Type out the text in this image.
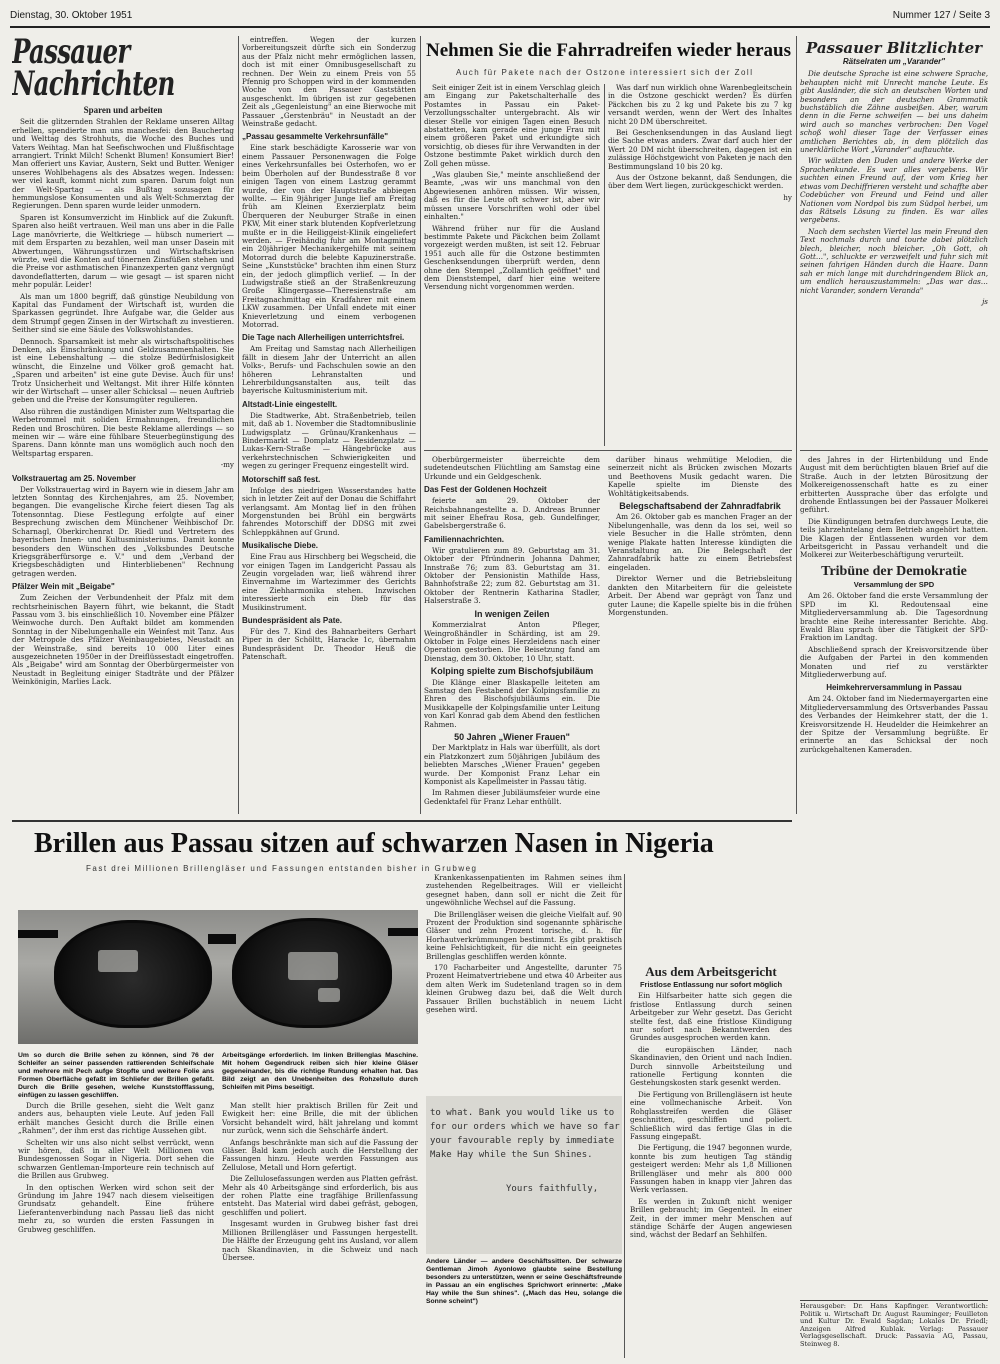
Dienstag, 30. Oktober 1951	Nummer 127 / Seite 3
Passauer Nachrichten
Sparen und arbeiten

Seit die glitzernden Strahlen der Reklame unseren Alltag erhellen, spendierte man uns manchesfei: den Bauchertag und Welttag des Strohhuts, die Woche des Buches und Vaters Weihtag. Man hat Seefischwochen und Flußfischtage arrangiert. Trinkt Milch! Schenkt Blumen! Konsumiert Bier! Man offeriert uns Kaviar, Austern, Sekt und Butter. Weniger unseres Wohlbehagens als des Absatzes wegen. Indessen: wer viel kauft, kommt nicht zum sparen. Darum folgt nun der Welt-Spartag — als Bußtag sozusagen für hemmungslose Konsumenten und als Welt-Schmerztag der Regierungen. Denn sparen wurde leider unmodern.

Sparen ist Konsumverzicht im Hinblick auf die Zukunft. Sparen also heißt vertrauen. Weil man uns aber in die Falle Lage manövrierte, die Weltkriege — hübsch numeriert — mit dem Ersparten zu bezahlen, weil man unser Dasein mit Abwertungen, Währungsstürzen und Wirtschaftskrisen würzte, weil die Konten auf tönernen Zinsfüßen stehen und die Preise vor asthmatischen Finanzexperten ganz vergnügt davondeflatterten, darum — wie gesagt — ist sparen nicht mehr populär. Leider!

Als man um 1800 begriff, daß günstige Neubildung von Kapital das Fundament der Wirtschaft ist, wurden die Sparkassen gegründet. Ihre Aufgabe war, die Gelder aus dem Strumpf gegen Zinsen in der Wirtschaft zu investieren. Seither sind sie eine Säule des Volkswohlstandes.

Dennoch. Sparsamkeit ist mehr als wirtschaftspolitisches Denken, als Einschränkung und Geldzusammenhalten. Sie ist eine Lebenshaltung — die stolze Bedürfnislosigkeit wünscht, die Einzelne und Völker groß gemacht hat. „Sparen und arbeiten" ist eine gute Devise. Auch für uns! Trotz Unsicherheit und Weltangst. Mit ihrer Hilfe könnten wir der Wirtschaft — unser aller Schicksal — neuen Auftrieb geben und die Preise der Konsumgüter regulieren.

Also rühren die zuständigen Minister zum Weltspartag die Werbetrommel mit soliden Ermahnungen, freundlichen Reden und Broschüren. Die beste Reklame allerdings — so meinen wir — wäre eine fühlbare Steuerbegünstigung des Sparens. Dann könnte man uns womöglich auch noch den Weltspartag ersparen.

-my
Volkstrauertag am 25. November

Der Volkstrauertag wird in Bayern wie in diesem Jahr am letzten Sonntag des Kirchenjahres, am 25. November, begangen. Die evangelische Kirche feiert diesen Tag als Totensonntag. Diese Festlegung erfolgte auf einer Besprechung zwischen dem Münchener Weihbischof Dr. Scharnagl, Oberkirchenrat Dr. Riedl und Vertretern des bayerischen Innen- und Kultusministeriums. Damit konnte besonders den Wünschen des „Volksbundes Deutsche Kriegsgräberfürsorge e. V." und dem „Verband der Kriegsbeschädigten und Hinterbliebenen" Rechnung getragen werden.

Pfälzer Wein mit „Beigabe"

Zum Zeichen der Verbundenheit der Pfalz mit dem rechtsrheinischen Bayern führt, wie bekannt, die Stadt Passau vom 3. bis einschließlich 10. November eine Pfälzer Weinwoche durch. Den Auftakt bildet am kommenden Sonntag in der Nibelungenhalle ein Weinfest mit Tanz. Aus der Metropole des Pfälzer Weinbaugebietes, Neustadt an der Weinstraße, sind bereits 10 000 Liter eines ausgezeichneten 1950er in der Dreiflüssestadt eingetroffen. Als „Beigabe" wird am Sonntag der Oberbürgermeister von Neustadt in Begleitung einiger Stadträte und der Pfälzer Weinkönigin, Marlies Lack.

eintreffen. Wegen der kurzen Vorbereitungszeit dürfte sich ein Sonderzug aus der Pfalz nicht mehr ermöglichen lassen, doch ist mit einer Omnibusgesellschaft zu rechnen. Der Wein zu einem Preis von 55 Pfennig pro Schoppen wird in der kommenden Woche von den Passauer Gaststätten ausgeschenkt. Im übrigen ist zur gegebenen Zeit als „Gegenleistung" an eine Bierwoche mit Passauer „Gerstenbräu" in Neustadt an der Weinstraße gedacht.

„Passau gesammelte Verkehrsunfälle"

Eine stark beschädigte Karosserie war von einem Passauer Personenwagen die Folge eines Verkehrsunfalles bei Osterhofen, wo er beim Überholen auf der Bundesstraße 8 vor einigen Tagen von einem Lastzug gerammt wurde, der von der Hauptstraße abbiegen wollte. — Ein 9jähriger Junge lief am Freitag früh am Kleinen Exerzierplatz beim Überqueren der Neuburger Straße in einen PKW, Mit einer stark blutenden Kopfverletzung mußte er in die Heiliggeist-Klinik eingeliefert werden. — Freihändig fuhr am Montagmittag ein 20jähriger Mechanikergehilfe mit seinem Motorrad durch die belebte Kapuzinerstraße. Seine „Kunststücke" brachten ihm einen Sturz ein, der jedoch glimpflich verlief. — In der Ludwigstraße stieß an der Straßenkreuzung Große Klingergasse—Theresienstraße am Freitagnachmittag ein Kradfahrer mit einem LKW zusammen. Der Unfall endete mit einer Knieverletzung und einem verbogenen Motorrad.

Die Tage nach Allerheiligen unterrichtsfrei.

Am Freitag und Samstag nach Allerheiligen fällt in diesem Jahr der Unterricht an allen Volks-, Berufs- und Fachschulen sowie an den höheren Lehranstalten und Lehrerbildungsanstalten aus, teilt das bayerische Kultusministerium mit.

Altstadt-Linie eingestellt.

Die Stadtwerke, Abt. Straßenbetrieb, teilen mit, daß ab 1. November die Stadtomnibuslinie Ludwigsplatz — Grünau/Krankenhaus — Bindermarkt — Domplatz — Residenzplatz — Lukas-Kern-Straße — Hängebrücke aus verkehrstechnischen Schwierigkeiten und wegen zu geringer Frequenz eingestellt wird.

Motorschiff saß fest.

Infolge des niedrigen Wasserstandes hatte sich in letzter Zeit auf der Donau die Schiffahrt verlangsamt. Am Montag lief in den frühen Morgenstunden bei Brühl ein bergwärts fahrendes Motorschiff der DDSG mit zwei Schleppkähnen auf Grund.

Musikalische Diebe.

Eine Frau aus Hirschberg bei Wegscheid, die vor einigen Tagen im Landgericht Passau als Zeugin vorgeladen war, ließ während ihrer Einvernahme im Wartezimmer des Gerichts eine Ziehharmonika stehen. Inzwischen interessierte sich ein Dieb für das Musikinstrument.

Bundespräsident als Pate.

Für des 7. Kind des Bahnarbeiters Gerhart Piper in der Schöltt, Haracke 1c, übernahm Bundespräsident Dr. Theodor Heuß die Patenschaft.

Nehmen Sie die Fahrradreifen wieder heraus
Auch für Pakete nach der Ostzone interessiert sich der Zoll

Seit einiger Zeit ist in einem Verschlag gleich am Eingang zur Paketschalterhalle des Postamtes in Passau ein Paket-Verzollungsschalter untergebracht. Als wir dieser Stelle vor einigen Tagen einen Besuch abstatteten, kam gerade eine junge Frau mit einem größeren Paket und erkundigte sich vorsichtig, ob dieses für ihre Verwandten in der Ostzone bestimmte Paket wirklich durch den Zoll gehen müsse.

„Was glauben Sie," meinte anschließend der Beamte, „was wir uns manchmal von den Abgewiesenen anhören müssen. Wir wissen, daß es für die Leute oft schwer ist, aber wir müssen unsere Vorschriften wohl oder übel einhalten."

Während früher nur für die Ausland bestimmte Pakete und Päckchen beim Zollamt vorgezeigt werden mußten, ist seit 12. Februar 1951 auch alle für die Ostzone bestimmten Geschenksendungen überprüft werden, denn ohne den Stempel „Zollamtlich geöffnet" und dem Dienststempel, darf hier eine weitere Versendung nicht vorgenommen werden.

Was darf nun wirklich ohne Warenbegleitschein in die Ostzone geschickt werden? Es dürfen Päckchen bis zu 2 kg und Pakete bis zu 7 kg versandt werden, wenn der Wert des Inhaltes nicht 20 DM überschreitet.

Bei Geschenksendungen in das Ausland liegt die Sache etwas anders. Zwar darf auch hier der Wert 20 DM nicht überschreiten, dagegen ist ein zulässige Höchstgewicht von Paketen je nach den Bestimmungsland 10 bis 20 kg.

Aus der Ostzone bekannt, daß Sendungen, die über dem Wert liegen, zurückgeschickt werden.

hy
Passauer Blitzlichter
Rätselraten um „Varander"

Die deutsche Sprache ist eine schwere Sprache, behaupten nicht mit Unrecht manche Leute. Es gibt Ausländer, die sich an deutschen Worten und besonders an der deutschen Grammatik buchstäblich die Zähne ausbeißen. Aber, warum denn in die Ferne schweifen — bei uns daheim wird auch so manches verbrochen: Den Vogel schoß wohl dieser Tage der Verfasser eines amtlichen Berichtes ab, in dem plötzlich das unerklärliche Wort „Varander" auftauchte.

Wir wälzten den Duden und andere Werke der Sprachenkunde. Es war alles vergebens. Wir suchten einen Freund auf, der vom Krieg her etwas vom Dechiffrieren versteht und schaffte aber Codebücher von Freund und Feind und aller Nationen vom Nordpol bis zum Südpol herbei, um das Rätsels Lösung zu finden. Es war alles vergebens.

Nach dem sechsten Viertel las mein Freund den Text nochmals durch und tourte dabei plötzlich blech, bleicher, noch bleicher. „Oh Gott, oh Gott…", schluckte er verzweifelt und fuhr sich mit seinen fahrigen Händen durch die Haare. Dann sah er mich lange mit durchdringendem Blick an, um endlich herauszustammeln: „Das war das… nicht Varander, sondern Veranda"

js

Oberbürgermeister überreichte dem sudetendeutschen Flüchtling am Samstag eine Urkunde und ein Geldgeschenk.

Das Fest der Goldenen Hochzeit

feierte am 29. Oktober der Reichsbahnangestellte a. D. Andreas Brunner mit seiner Ehefrau Rosa, geb. Gundelfinger, Gabelsbergerstraße 6.

Familiennachrichten.

Wir gratulieren zum 89. Geburtstag am 31. Oktober der Pfründnerin Johanna Dahmer, Innstraße 76; zum 83. Geburtstag am 31. Oktober der Pensionistin Mathilde Hass, Bahnhofstraße 22; zum 82. Geburtstag am 31. Oktober der Rentnerin Katharina Stadler, Halserstraße 3.

In wenigen Zeilen

Kommerzialrat Anton Pfleger, Weingroßhändler in Schärding, ist am 29. Oktober in Folge eines Herzleidens nach einer Operation gestorben. Die Beisetzung fand am Dienstag, dem 30. Oktober, 10 Uhr, statt.

Kolping spielte zum Bischofsjubiläum

Die Klänge einer Blaskapelle leiteten am Samstag den Festabend der Kolpingsfamilie zu Ehren des Bischofsjubiläums ein. Die Musikkapelle der Kolpingsfamilie unter Leitung von Karl Konrad gab dem Abend den festlichen Rahmen.

50 Jahren „Wiener Frauen"

Der Marktplatz in Hals war überfüllt, als dort ein Platzkonzert zum 50jährigen Jubiläum des beliebten Marsches „Wiener Frauen" gegeben wurde. Der Komponist Franz Lehar ein Komponist als Kapellmeister in Passau tätig.

Im Rahmen dieser Jubiläumsfeier wurde eine Gedenktafel für Franz Lehar enthüllt.

darüber hinaus wehmütige Melodien, die seinerzeit nicht als Brücken zwischen Mozarts und Beethovens Musik gedacht waren. Die Kapelle spielte im Dienste des Wohltätigkeitsabends.

Belegschaftsabend der Zahnradfabrik

Am 26. Oktober gab es manchen Frager an der Nibelungenhalle, was denn da los sei, weil so viele Besucher in die Halle strömten, denn wenige Plakate hatten Interesse kündigten die Veranstaltung an. Die Belegschaft der Zahnradfabrik hatte zu einem Betriebsfest eingeladen.

Direktor Werner und die Betriebsleitung dankten den Mitarbeitern für die geleistete Arbeit. Der Abend war geprägt von Tanz und guter Laune; die Kapelle spielte bis in die frühen Morgenstunden.

des Jahres in der Hirtenbildung und Ende August mit dem berüchtigten blauen Brief auf die Straße. Auch in der letzten Bürositzung der Molkereigenossenschaft hatte es zu einer erbitterten Aussprache über das erfolgte und drohende Entlassungen bei der Passauer Molkerei geführt.

Die Kündigungen betrafen durchwegs Leute, die teils jahrzehntelang dem Betrieb angehört hatten. Die Klagen der Entlassenen wurden vor dem Arbeitsgericht in Passau verhandelt und die Molkerei zur Weiterbeschäftigung verurteilt.

Tribüne der Demokratie
Versammlung der SPD

Am 26. Oktober fand die erste Versammlung der SPD im Kl. Redoutensaal eine Mitgliederversammlung ab. Die Tagesordnung brachte eine Reihe interessanter Berichte. Abg. Ewald Blau sprach über die Tätigkeit der SPD-Fraktion im Landtag.

Abschließend sprach der Kreisvorsitzende über die Aufgaben der Partei in den kommenden Monaten und rief zu verstärkter Mitgliederwerbung auf.

Heimkehrerversammlung in Passau

Am 24. Oktober fand im Niedermayergarten eine Mitgliederversammlung des Ortsverbandes Passau des Verbandes der Heimkehrer statt, der die 1. Kreisvorsitzende H. Heudelder die Heimkehrer an der Spitze der Versammlung begrüßte. Er erinnerte an das Schicksal der noch zurückgehaltenen Kameraden.

Herausgeber: Dr. Hans Kapfinger. Verantwortlich: Politik u. Wirtschaft Dr. August Rauminger; Feuilleton und Kultur Dr. Ewald Sagdan; Lokales Dr. Friedl; Anzeigen Alfred Kublak. Verlag: Passauer Verlagsgesellschaft. Druck: Passavia AG, Passau, Steinweg 8.
Brillen aus Passau sitzen auf schwarzen Nasen in Nigeria
Fast drei Millionen Brillengläser und Fassungen entstanden bisher in Grubweg
Um so durch die Brille sehen zu können, sind 76 der Schleifer an seiner passenden rattierenden Schleifschale und mehrere mit Pech aufge Stopfte und weitere Folie ans Formen Oberfläche gefaßt im Schliefer der Brillen gefaßt. Durch die Brille gesehen, welche Kunststofffassung, einfügen zu lassen geschliffen.
Arbeitsgänge erforderlich. Im linken Brillenglas Maschine. Mit hohem Gegendruck reiben sich hier kleine Gläser gegeneinander, bis die richtige Rundung erhalten hat. Das Bild zeigt an den Unebenheiten des Rohzellulo durch Schleifen mit Pims beseitigt.

Durch die Brille gesehen, sieht die Welt ganz anders aus, behaupten viele Leute. Auf jeden Fall erhält manches Gesicht durch die Brille einen „Rahmen", der ihm erst das richtige Aussehen gibt.

Schelten wir uns also nicht selbst verrückt, wenn wir hören, daß in aller Welt Millionen von Bundesgenossen Sogar in Nigeria. Dort sehen die schwarzen Gentleman-Importeure rein technisch auf die Brillen aus Grubweg.

In den optischen Werken wird schon seit der Gründung im Jahre 1947 nach diesem vielseitigen Grundsatz gehandelt. Eine frühere Lieferantenverbindung nach Passau ließ das nicht mehr zu, so wurden die ersten Fassungen in Grubweg geschliffen.

Man stellt hier praktisch Brillen für Zeit und Ewigkeit her: eine Brille, die mit der üblichen Vorsicht behandelt wird, hält jahrelang und kommt nur zurück, wenn sich die Sehschärfe ändert.

Anfangs beschränkte man sich auf die Fassung der Gläser. Bald kam jedoch auch die Herstellung der Fassungen hinzu. Heute werden Fassungen aus Zellulose, Metall und Horn gefertigt.

Die Zellulosefassungen werden aus Platten gefräst. Mehr als 40 Arbeitsgänge sind erforderlich, bis aus der rohen Platte eine tragfähige Brillenfassung entsteht. Das Material wird dabei gefräst, gebogen, geschliffen und poliert.

Insgesamt wurden in Grubweg bisher fast drei Millionen Brillengläser und Fassungen hergestellt. Die Hälfte der Erzeugung geht ins Ausland, vor allem nach Skandinavien, in die Schweiz und nach Übersee.

Krankenkassenpatienten im Rahmen seines ihm zustehenden Regelbeitrages. Will er vielleicht gesegnet haben, dann soll er nicht die Zeit für ungewöhnliche Wechsel auf die Fassung.

Die Brillengläser weisen die gleiche Vielfalt auf. 90 Prozent der Produktion sind sogenannte sphärische Gläser und zehn Prozent torische, d. h. für Horhautverkrümmungen bestimmt. Es gibt praktisch keine Fehlsichtigkeit, für die nicht ein geeignetes Brillenglas geschliffen werden könnte.

170 Facharbeiter und Angestellte, darunter 75 Prozent Heimatvertriebene und etwa 40 Arbeiter aus dem alten Werk im Sudetenland tragen so in dem kleinen Grubweg dazu bei, daß die Welt durch Passauer Brillen buchstäblich in neuem Licht gesehen wird.

to what. Bank you would like us to
for our orders which we have so far
your favourable reply by immediate
Make Hay while the Sun Shines.
Yours faithfully,
Andere Länder — andere Geschäftssitten. Der schwarze Gentleman Jimoh Ayonlowo glaubte seine Bestellung besonders zu unterstützen, wenn er seine Geschäftsfreunde in Passau an ein englisches Sprichwort erinnerte: „Make Hay while the Sun shines". („Mach das Heu, solange die Sonne scheint")
Aus dem Arbeitsgericht
Fristlose Entlassung nur sofort möglich

Ein Hilfsarbeiter hatte sich gegen die fristlose Entlassung durch seinen Arbeitgeber zur Wehr gesetzt. Das Gericht stellte fest, daß eine fristlose Kündigung nur sofort nach Bekanntwerden des Grundes ausgesprochen werden kann.

die europäischen Länder, nach Skandinavien, den Orient und nach Indien. Durch sinnvolle Arbeitsteilung und rationelle Fertigung konnten die Gestehungskosten stark gesenkt werden.

Die Fertigung von Brillengläsern ist heute eine vollmechanische Arbeit. Von Rohglasstreifen werden die Gläser geschnitten, geschliffen und poliert. Schließlich wird das fertige Glas in die Fassung eingepaßt.

Die Fertigung, die 1947 begonnen wurde, konnte bis zum heutigen Tag ständig gesteigert werden: Mehr als 1,8 Millionen Brillengläser und mehr als 800 000 Fassungen haben in knapp vier Jahren das Werk verlassen.

Es werden in Zukunft nicht weniger Brillen gebraucht; im Gegenteil. In einer Zeit, in der immer mehr Menschen auf ständige Schärfe der Augen angewiesen sind, wächst der Bedarf an Sehhilfen.
